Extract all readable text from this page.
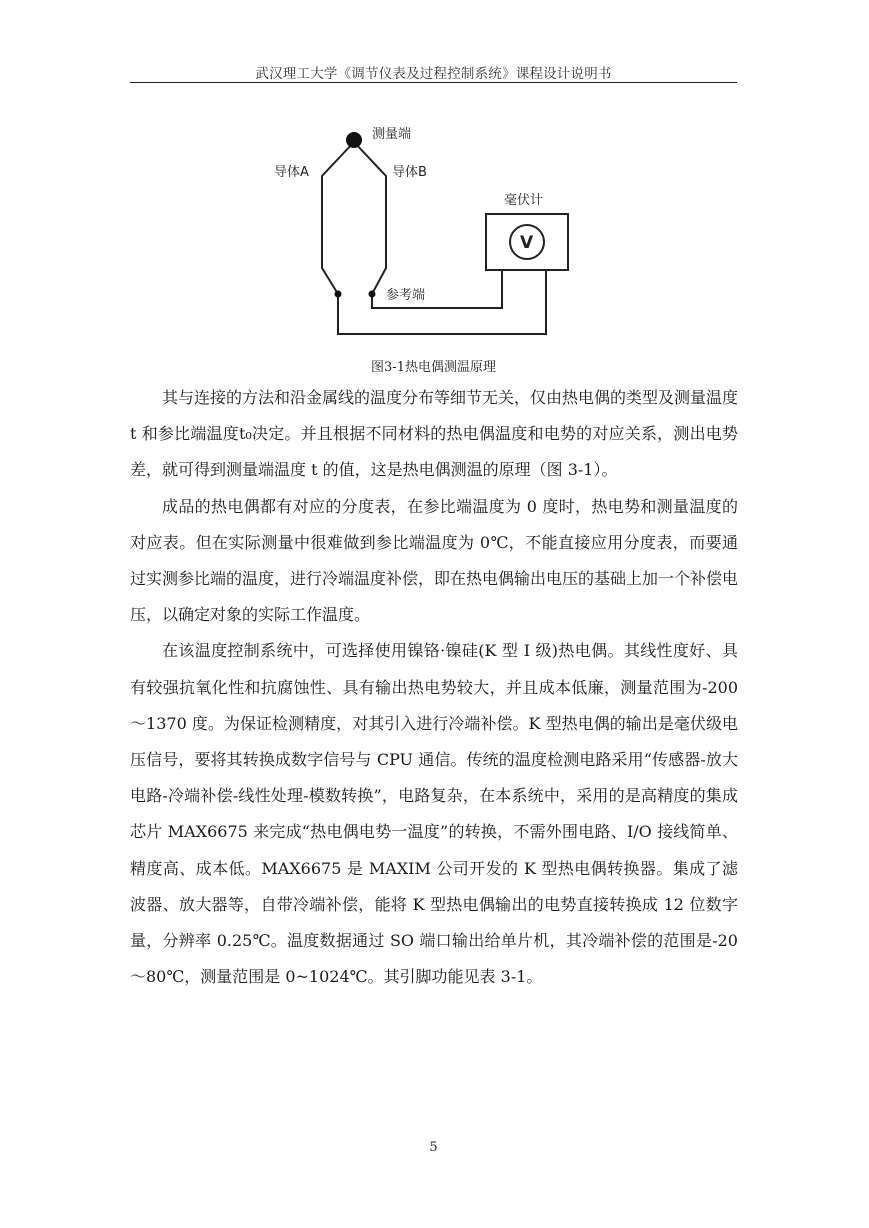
武汉理工大学《调节仪表及过程控制系统》课程设计说明书
测量端
导体A	导体B
毫伏计
V
参考端
图3-1热电偶测温原理

其与连接的方法和沿金属线的温度分布等细节无关，仅由热电偶的类型及测量温度 t 和参比端温度t₀决定。并且根据不同材料的热电偶温度和电势的对应关系，测出电势差，就可得到测量端温度 t 的值，这是热电偶测温的原理（图 3-1）。

成品的热电偶都有对应的分度表，在参比端温度为 0 度时，热电势和测量温度的对应表。但在实际测量中很难做到参比端温度为 0℃，不能直接应用分度表，而要通过实测参比端的温度，进行冷端温度补偿，即在热电偶输出电压的基础上加一个补偿电压，以确定对象的实际工作温度。

在该温度控制系统中，可选择使用镍铬·镍硅(K 型 I 级)热电偶。其线性度好、具有较强抗氧化性和抗腐蚀性、具有输出热电势较大，并且成本低廉，测量范围为-200～1370 度。为保证检测精度，对其引入进行冷端补偿。K 型热电偶的输出是毫伏级电压信号，要将其转换成数字信号与 CPU 通信。传统的温度检测电路采用“传感器-放大电路-冷端补偿-线性处理-模数转换”，电路复杂，在本系统中，采用的是高精度的集成芯片 MAX6675 来完成“热电偶电势一温度”的转换，不需外围电路、I/O 接线简单、精度高、成本低。MAX6675 是 MAXIM 公司开发的 K 型热电偶转换器。集成了滤波器、放大器等，自带冷端补偿，能将 K 型热电偶输出的电势直接转换成 12 位数字量，分辨率 0.25℃。温度数据通过 SO 端口输出给单片机，其冷端补偿的范围是-20～80℃，测量范围是 0~1024℃。其引脚功能见表 3-1。

5
